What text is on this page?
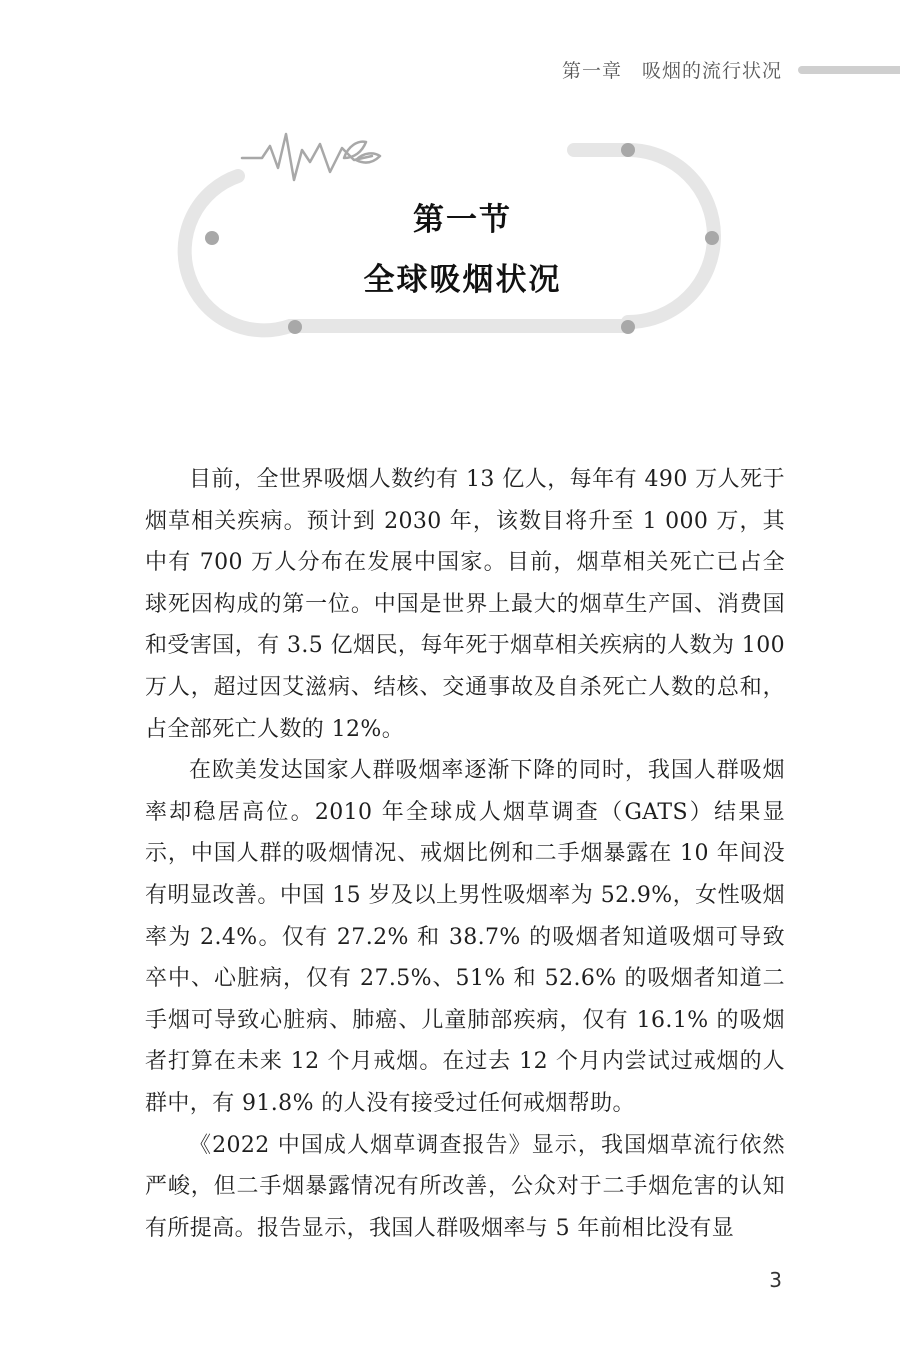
第一章　吸烟的流行状况
第一节
全球吸烟状况

目前，全世界吸烟人数约有 13 亿人，每年有 490 万人死于烟草相关疾病。预计到 2030 年，该数目将升至 1 000 万，其中有 700 万人分布在发展中国家。目前，烟草相关死亡已占全球死因构成的第一位。中国是世界上最大的烟草生产国、消费国和受害国，有 3.5 亿烟民，每年死于烟草相关疾病的人数为 100 万人，超过因艾滋病、结核、交通事故及自杀死亡人数的总和，占全部死亡人数的 12%。

在欧美发达国家人群吸烟率逐渐下降的同时，我国人群吸烟率却稳居高位。2010 年全球成人烟草调查（GATS）结果显示，中国人群的吸烟情况、戒烟比例和二手烟暴露在 10 年间没有明显改善。中国 15 岁及以上男性吸烟率为 52.9%，女性吸烟率为 2.4%。仅有 27.2% 和 38.7% 的吸烟者知道吸烟可导致卒中、心脏病，仅有 27.5%、51% 和 52.6% 的吸烟者知道二手烟可导致心脏病、肺癌、儿童肺部疾病，仅有 16.1% 的吸烟者打算在未来 12 个月戒烟。在过去 12 个月内尝试过戒烟的人群中，有 91.8% 的人没有接受过任何戒烟帮助。

《2022 中国成人烟草调查报告》显示，我国烟草流行依然严峻，但二手烟暴露情况有所改善，公众对于二手烟危害的认知有所提高。报告显示，我国人群吸烟率与 5 年前相比没有显

3
